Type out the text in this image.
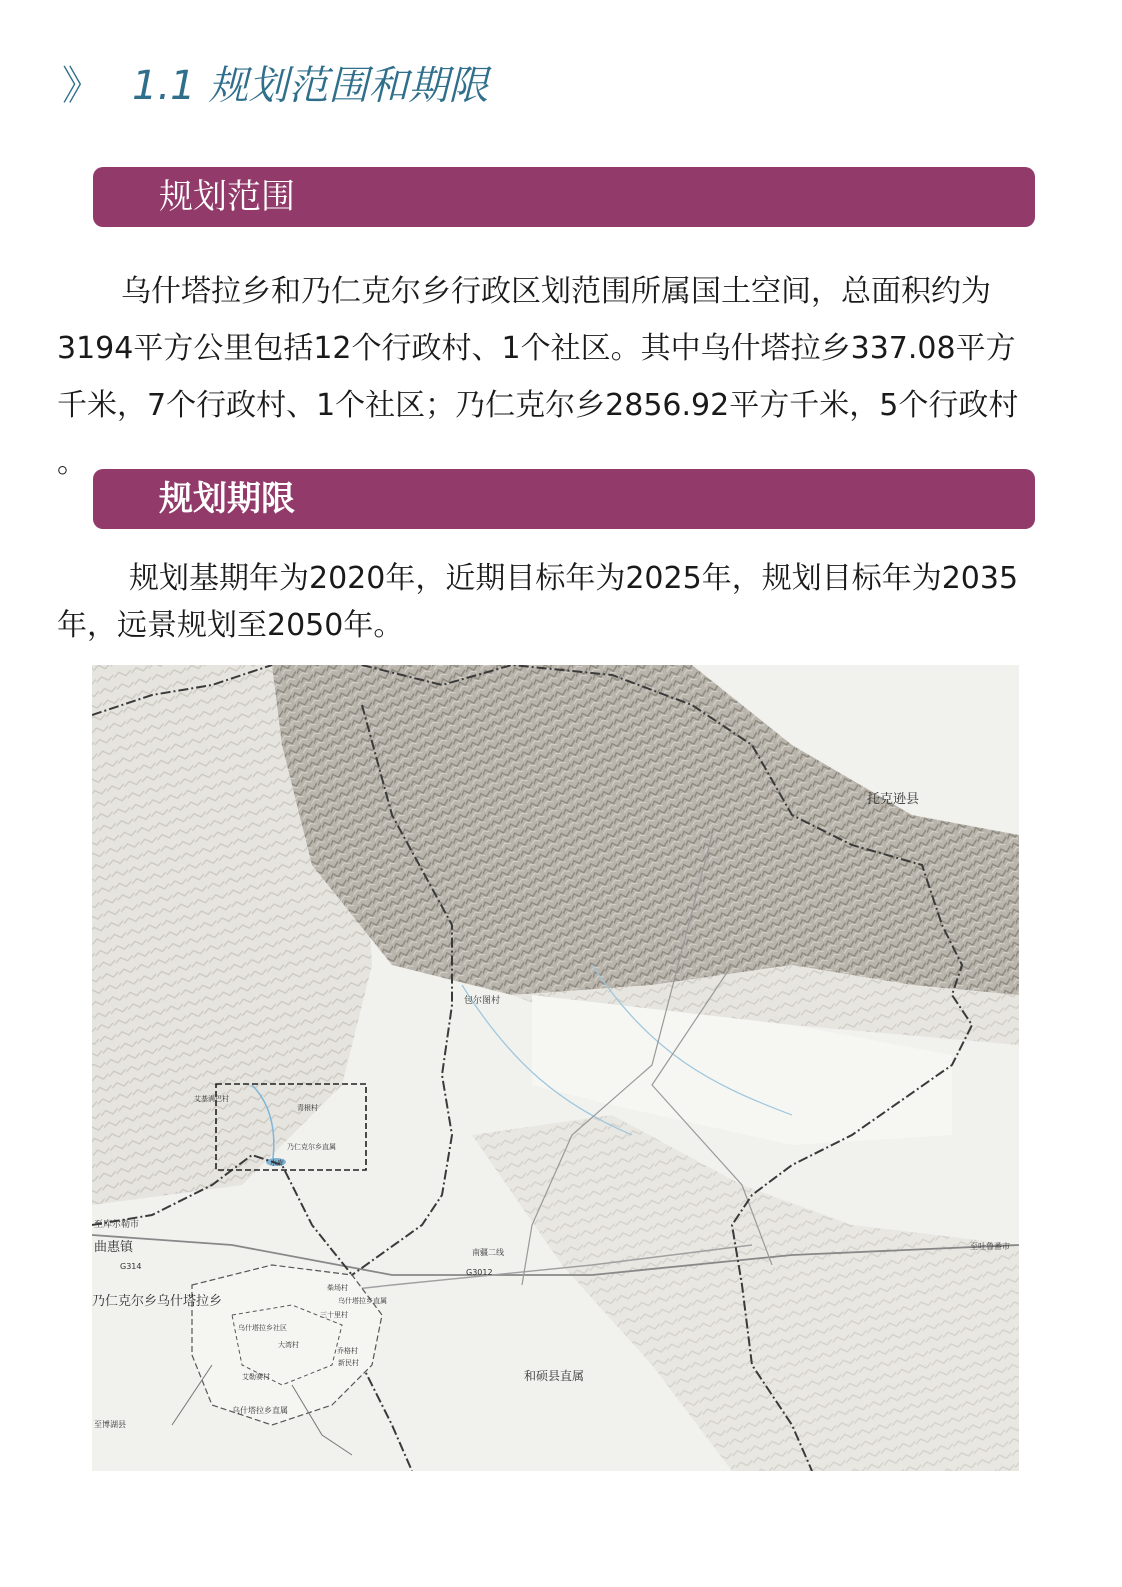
》 1.1 规划范围和期限
规划范围

乌什塔拉乡和乃仁克尔乡行政区划范围所属国土空间，总面积约为
3194平方公里包括12个行政村、1个社区。其中乌什塔拉乡337.08平方
千米，7个行政村、1个社区；乃仁克尔乡2856.92平方千米，5个行政村
。

规划期限

规划基期年为2020年，近期目标年为2025年，规划目标年为2035
年，远景规划至2050年。

托克逊县
包尔图村
至库尔勒市
曲惠镇
G314
乃仁克尔乡乌什塔拉乡
G3012
南疆二线
和硕县直属
至吐鲁番市
至博湖县
乌什塔拉乡直属
乃仁克尔乡直属
艾基满巴村
青根村
乌什塔拉乡社区
柴场村
大湾村
艾勒赛村
三十里村
乔格村
乌什塔拉乡直属
新民村
水库
